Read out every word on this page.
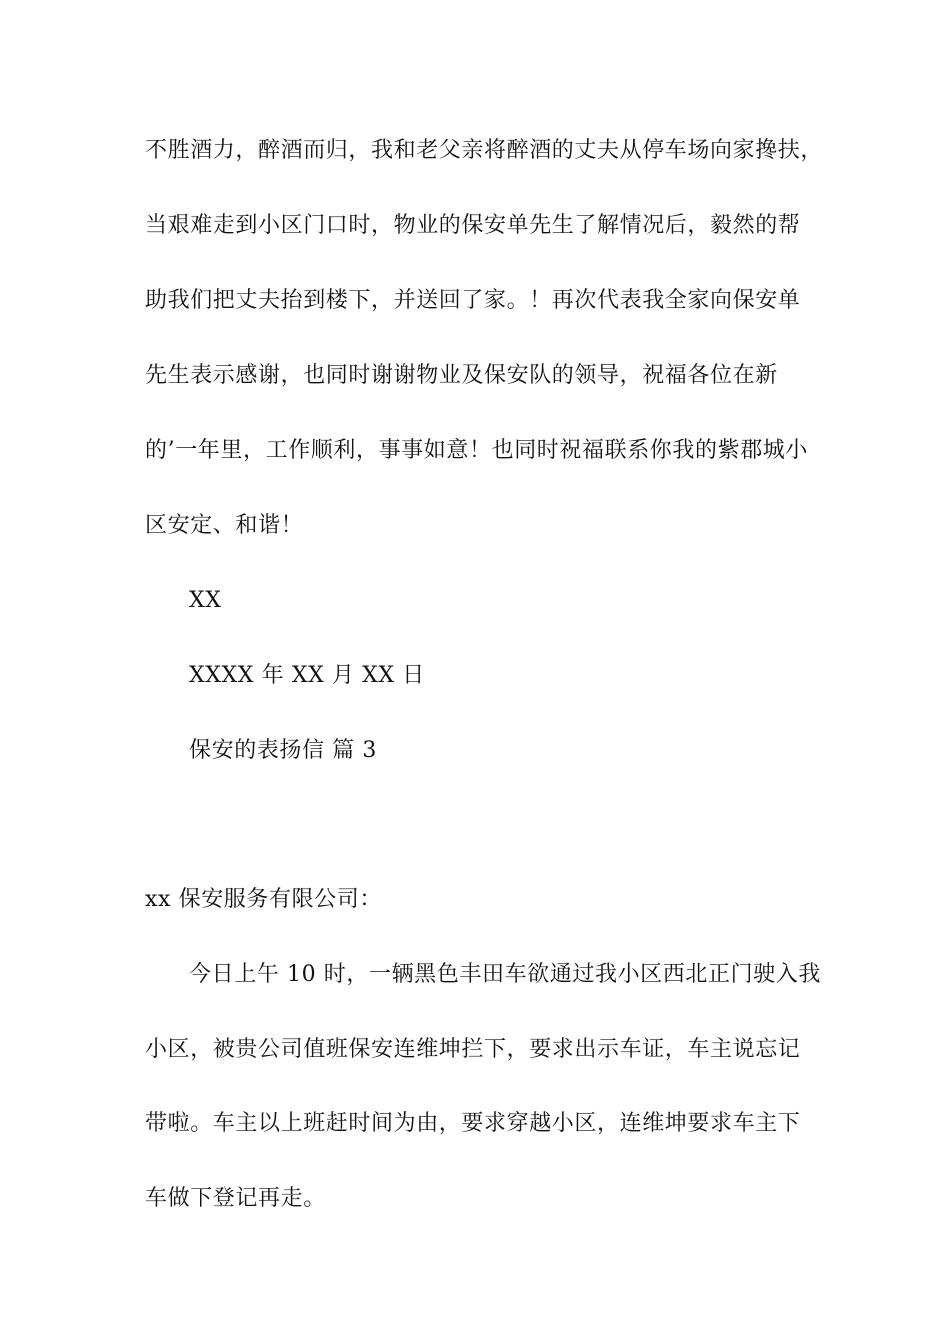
不胜酒力，醉酒而归，我和老父亲将醉酒的丈夫从停车场向家搀扶，
当艰难走到小区门口时，物业的保安单先生了解情况后，毅然的帮
助我们把丈夫抬到楼下，并送回了家。！再次代表我全家向保安单
先生表示感谢，也同时谢谢物业及保安队的领导，祝福各位在新
的’一年里，工作顺利，事事如意！也同时祝福联系你我的紫郡城小
区安定、和谐！
XX
XXXX 年 XX 月 XX 日
保安的表扬信 篇 3
xx 保安服务有限公司：
今日上午 10 时，一辆黑色丰田车欲通过我小区西北正门驶入我
小区，被贵公司值班保安连维坤拦下，要求出示车证，车主说忘记
带啦。车主以上班赶时间为由，要求穿越小区，连维坤要求车主下
车做下登记再走。
